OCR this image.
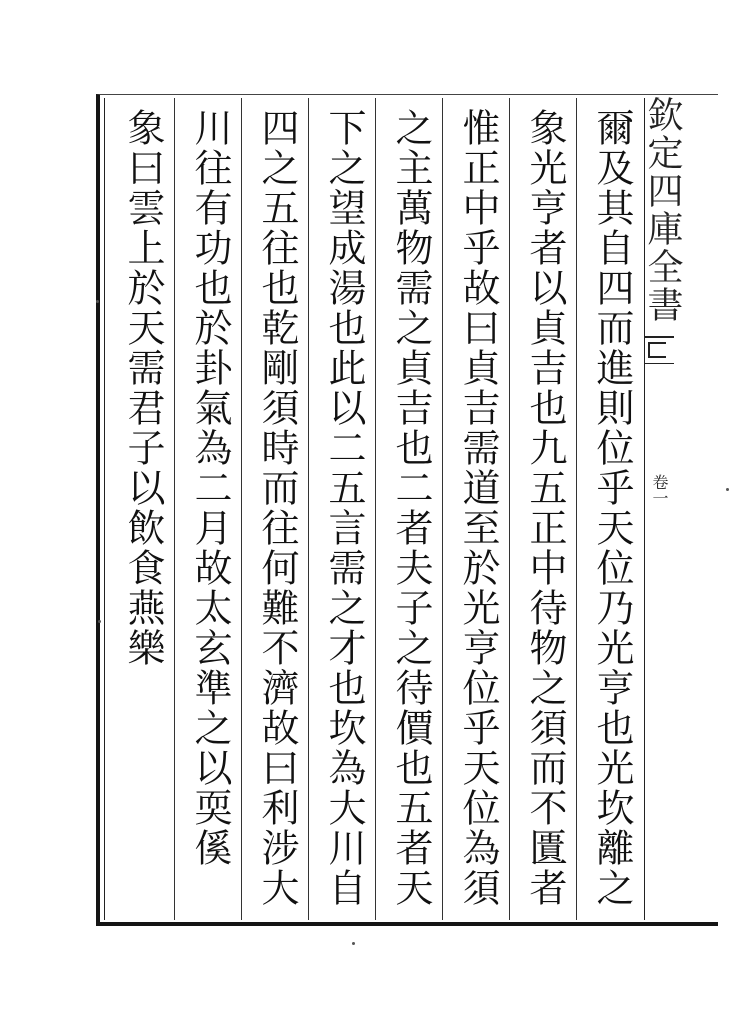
欽定四庫全書
卷一
爾及其自四而進則位乎天位乃光亨也光坎離之
象光亨者以貞吉也九五正中待物之須而不匱者
惟正中乎故曰貞吉需道至於光亨位乎天位為須
之主萬物需之貞吉也二者夫子之待價也五者天
下之望成湯也此以二五言需之才也坎為大川自
四之五往也乾剛須時而往何難不濟故曰利涉大
川往有功也於卦氣為二月故太玄準之以耎傒
象曰雲上於天需君子以飲食燕樂
